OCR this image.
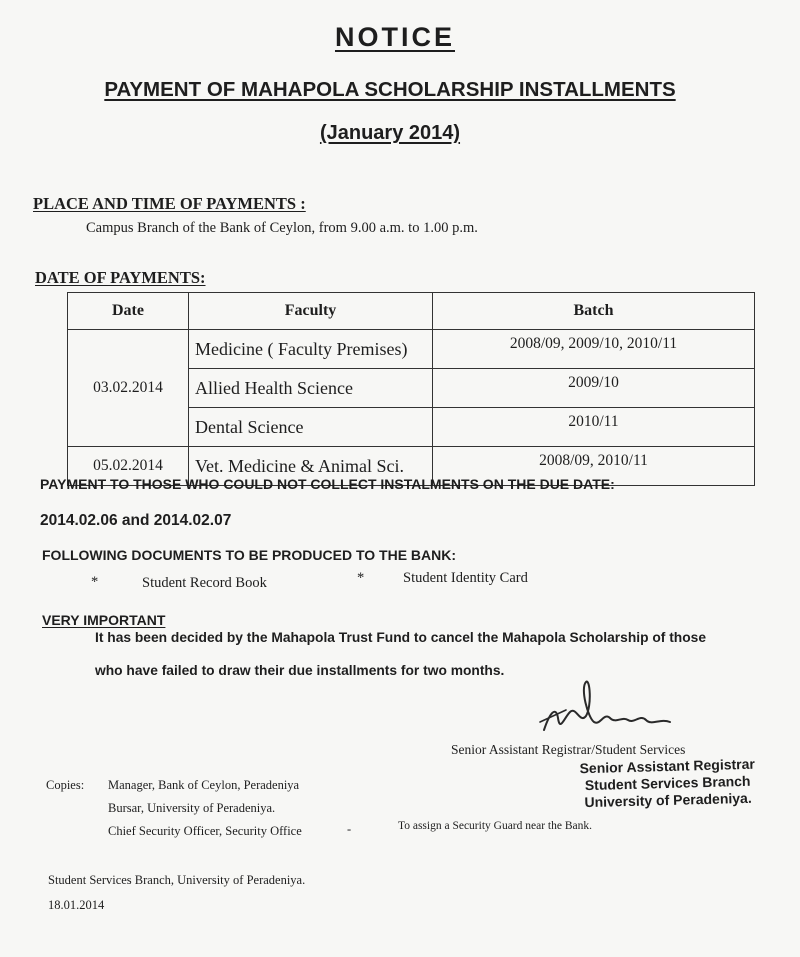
NOTICE
PAYMENT OF MAHAPOLA SCHOLARSHIP INSTALLMENTS
(January 2014)
PLACE AND TIME OF PAYMENTS :
Campus Branch of the Bank of Ceylon, from 9.00 a.m. to 1.00 p.m.
DATE OF PAYMENTS:
Date	Faculty	Batch
03.02.2014	Medicine ( Faculty Premises)	2008/09, 2009/10, 2010/11
	Allied Health Science	2009/10
	Dental Science	2010/11
05.02.2014	Vet. Medicine & Animal Sci.	2008/09, 2010/11
PAYMENT TO THOSE WHO COULD NOT COLLECT INSTALMENTS ON THE DUE DATE:
2014.02.06 and 2014.02.07
FOLLOWING DOCUMENTS TO BE PRODUCED TO THE BANK:
*	Student Record Book	*	Student Identity Card
VERY IMPORTANT
It has been decided by the Mahapola Trust Fund to cancel the Mahapola Scholarship of those
who have failed to draw their due installments for two months.
Senior Assistant Registrar/Student Services
Senior Assistant Registrar
Student Services Branch
University of Peradeniya.
Copies: Manager, Bank of Ceylon, Peradeniya
Bursar, University of Peradeniya.
Chief Security Officer, Security Office	-	To assign a Security Guard near the Bank.
Student Services Branch, University of Peradeniya.
18.01.2014
